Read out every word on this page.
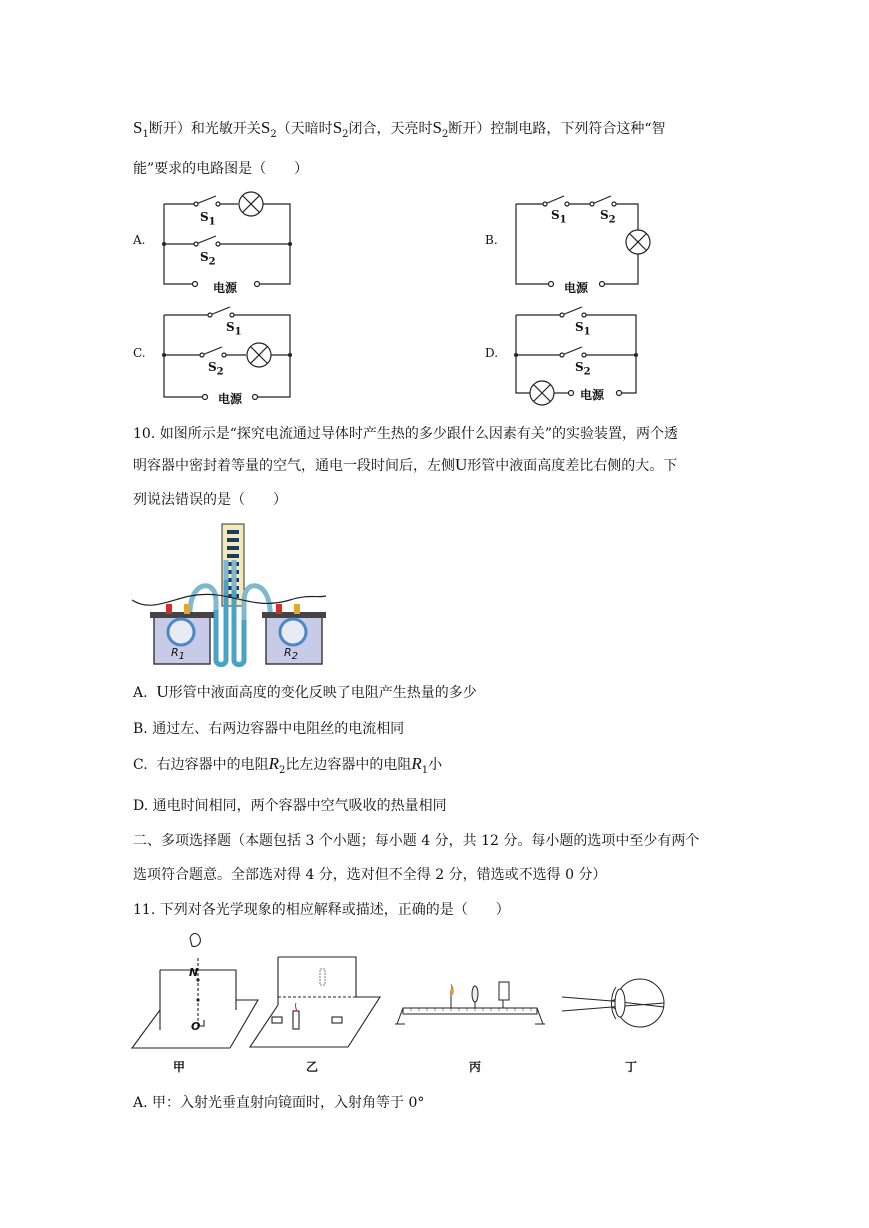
$S_1$断开）和光敏开关$S_2$（天暗时$S_2$闭合，天亮时$S_2$断开）控制电路，下列符合这种“智
能”要求的电路图是（　　）
A.	B.
C.	D.
$S_1$
$S_2$
电源
$S_1$	$S_2$
电源
$S_1$
$S_2$
电源
$S_1$
$S_2$
电源
10. 如图所示是“探究电流通过导体时产生热的多少跟什么因素有关”的实验装置，两个透
明容器中密封着等量的空气，通电一段时间后，左侧U形管中液面高度差比右侧的大。下
列说法错误的是（　　）
$R_1$	$R_2$
A. U形管中液面高度的变化反映了电阻产生热量的多少
B. 通过左、右两边容器中电阻丝的电流相同
C. 右边容器中的电阻$R_2$比左边容器中的电阻$R_1$小
D. 通电时间相同，两个容器中空气吸收的热量相同
二、多项选择题（本题包括 3 个小题；每小题 4 分，共 12 分。每小题的选项中至少有两个
选项符合题意。全部选对得 4 分，选对但不全得 2 分，错选或不选得 0 分）
11. 下列对各光学现象的相应解释或描述，正确的是（　　）
N
O
甲	乙	丙	丁
A. 甲：入射光垂直射向镜面时，入射角等于 0°
